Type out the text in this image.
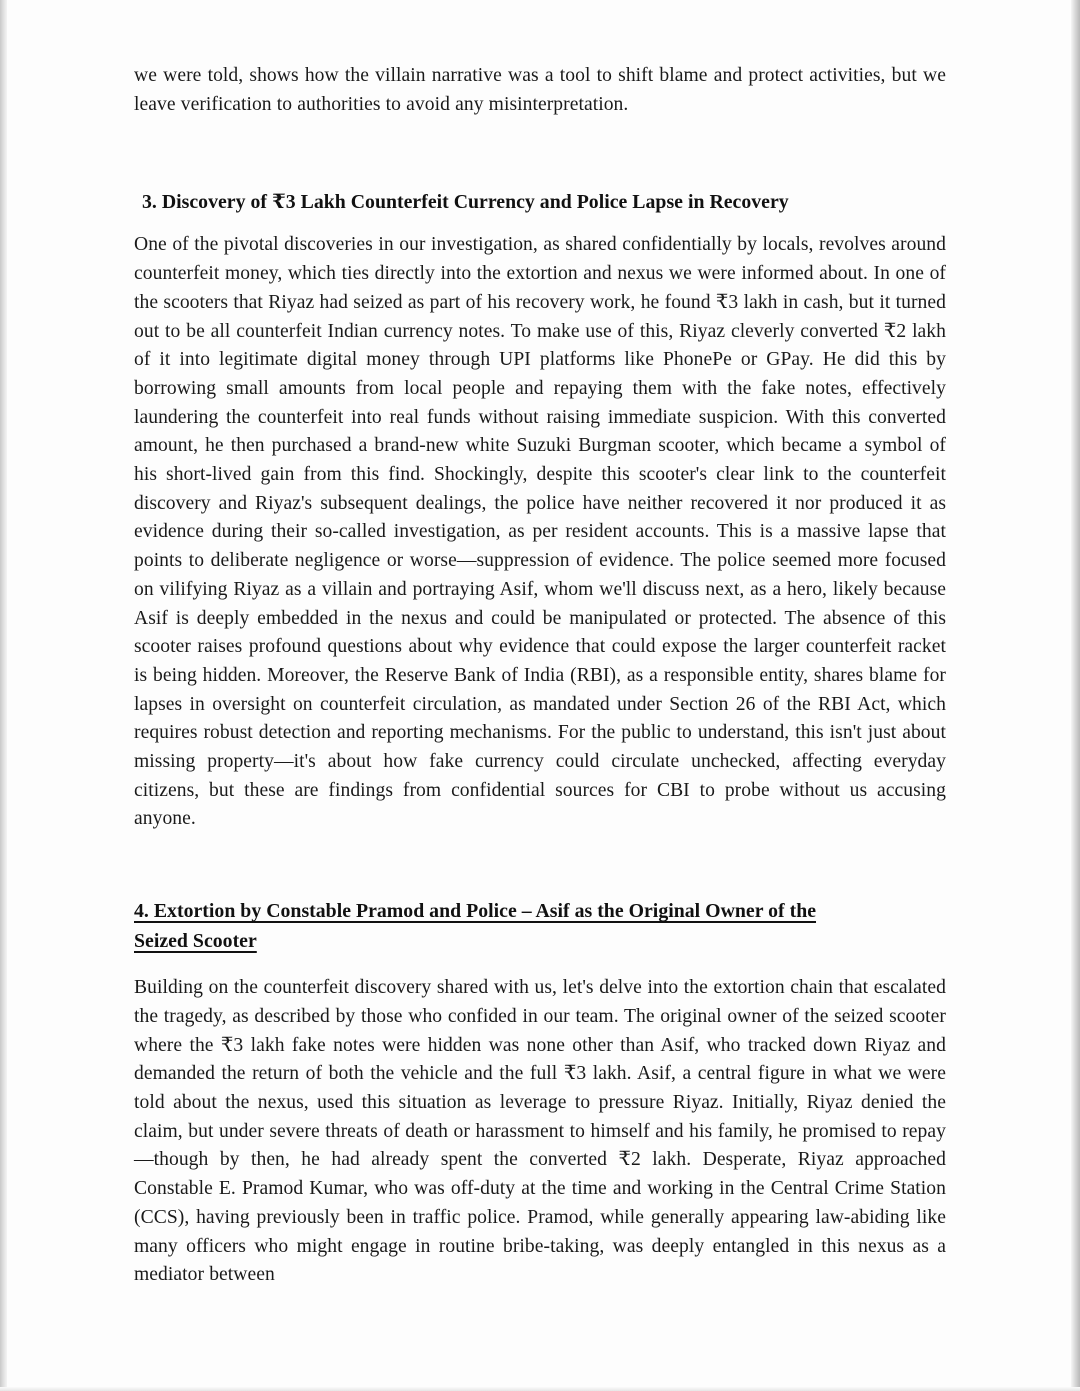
we were told, shows how the villain narrative was a tool to shift blame and protect activities, but we leave verification to authorities to avoid any misinterpretation.

3. Discovery of ₹3 Lakh Counterfeit Currency and Police Lapse in Recovery

One of the pivotal discoveries in our investigation, as shared confidentially by locals, revolves around counterfeit money, which ties directly into the extortion and nexus we were informed about. In one of the scooters that Riyaz had seized as part of his recovery work, he found ₹3 lakh in cash, but it turned out to be all counterfeit Indian currency notes. To make use of this, Riyaz cleverly converted ₹2 lakh of it into legitimate digital money through UPI platforms like PhonePe or GPay. He did this by borrowing small amounts from local people and repaying them with the fake notes, effectively laundering the counterfeit into real funds without raising immediate suspicion. With this converted amount, he then purchased a brand-new white Suzuki Burgman scooter, which became a symbol of his short-lived gain from this find. Shockingly, despite this scooter's clear link to the counterfeit discovery and Riyaz's subsequent dealings, the police have neither recovered it nor produced it as evidence during their so-called investigation, as per resident accounts. This is a massive lapse that points to deliberate negligence or worse—suppression of evidence. The police seemed more focused on vilifying Riyaz as a villain and portraying Asif, whom we'll discuss next, as a hero, likely because Asif is deeply embedded in the nexus and could be manipulated or protected. The absence of this scooter raises profound questions about why evidence that could expose the larger counterfeit racket is being hidden. Moreover, the Reserve Bank of India (RBI), as a responsible entity, shares blame for lapses in oversight on counterfeit circulation, as mandated under Section 26 of the RBI Act, which requires robust detection and reporting mechanisms. For the public to understand, this isn't just about missing property—it's about how fake currency could circulate unchecked, affecting everyday citizens, but these are findings from confidential sources for CBI to probe without us accusing anyone.

4. Extortion by Constable Pramod and Police – Asif as the Original Owner of the
Seized Scooter

Building on the counterfeit discovery shared with us, let's delve into the extortion chain that escalated the tragedy, as described by those who confided in our team. The original owner of the seized scooter where the ₹3 lakh fake notes were hidden was none other than Asif, who tracked down Riyaz and demanded the return of both the vehicle and the full ₹3 lakh. Asif, a central figure in what we were told about the nexus, used this situation as leverage to pressure Riyaz. Initially, Riyaz denied the claim, but under severe threats of death or harassment to himself and his family, he promised to repay—though by then, he had already spent the converted ₹2 lakh. Desperate, Riyaz approached Constable E. Pramod Kumar, who was off-duty at the time and working in the Central Crime Station (CCS), having previously been in traffic police. Pramod, while generally appearing law-abiding like many officers who might engage in routine bribe-taking, was deeply entangled in this nexus as a mediator between
